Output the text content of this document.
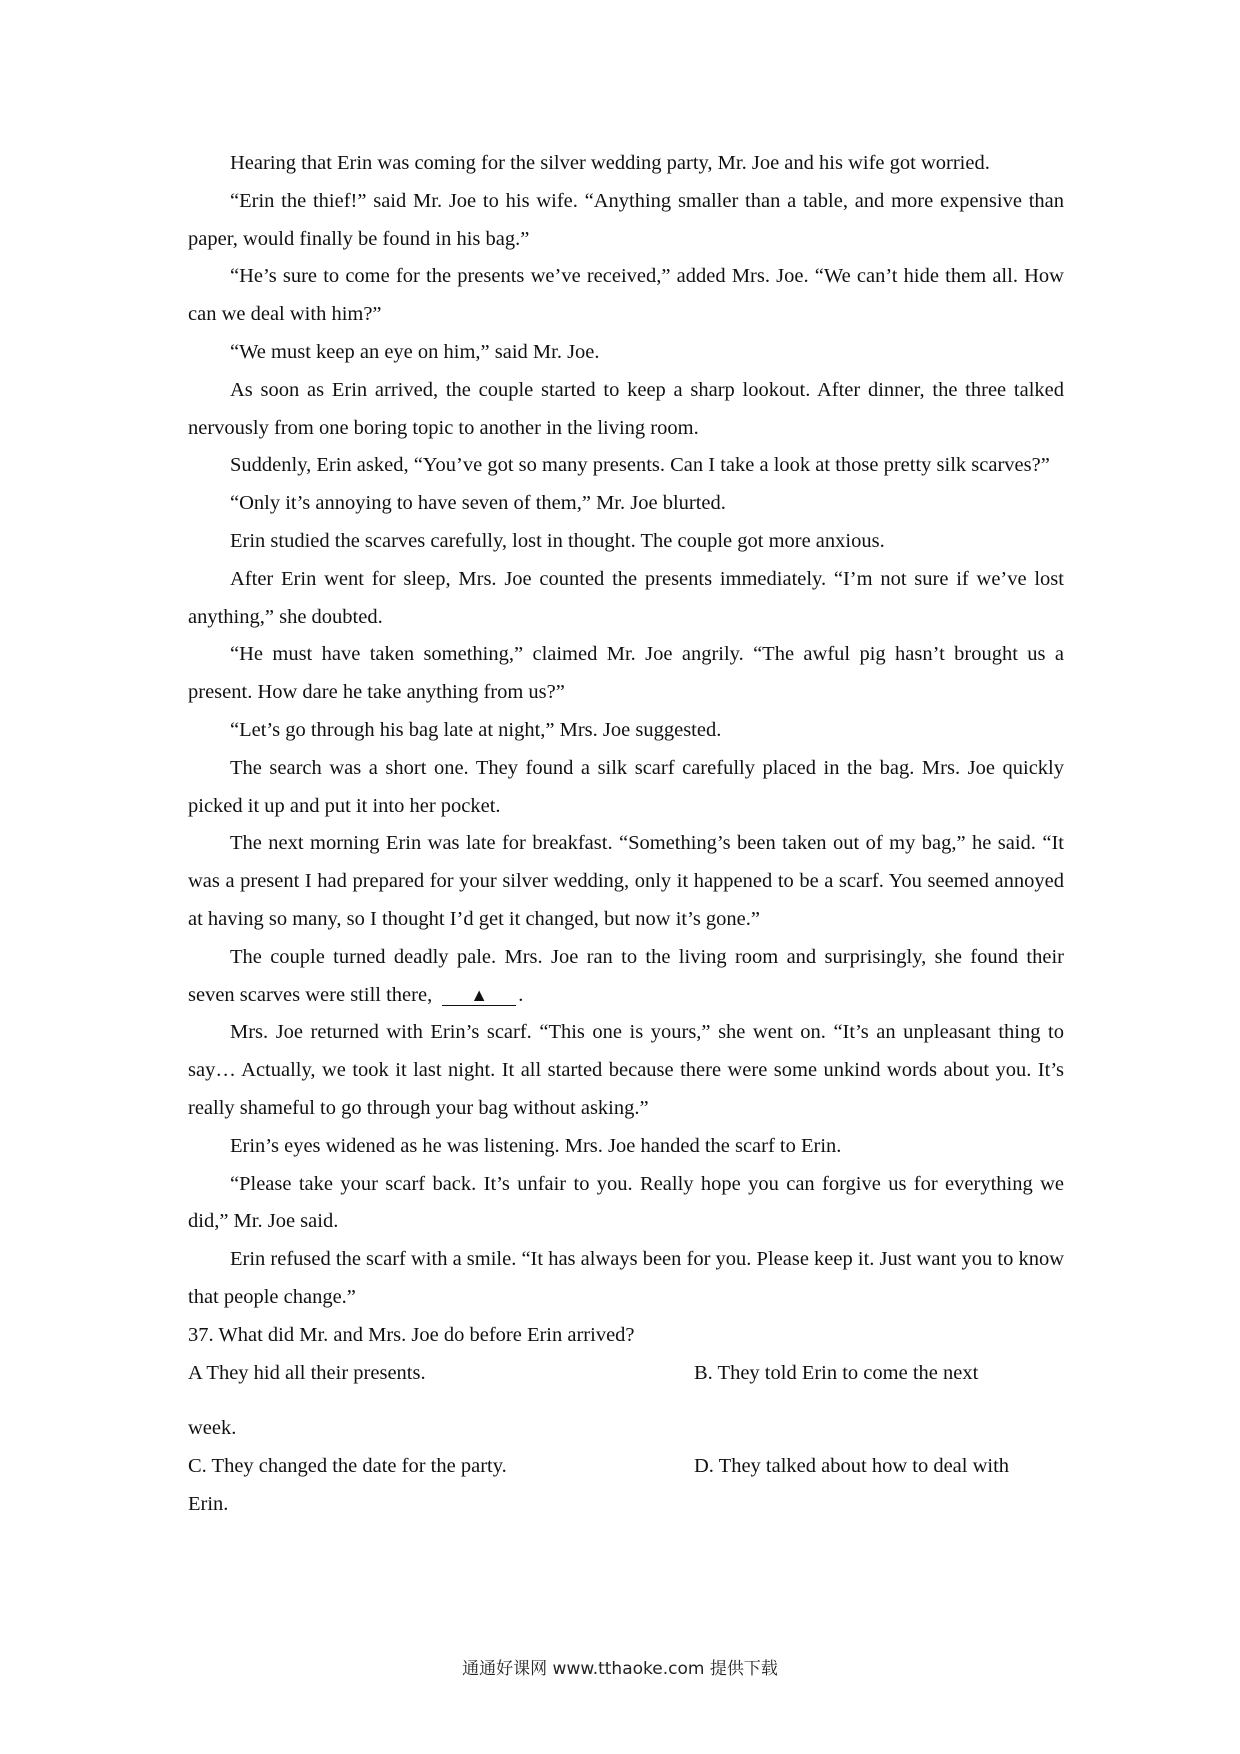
Hearing that Erin was coming for the silver wedding party, Mr. Joe and his wife got worried.

“Erin the thief!” said Mr. Joe to his wife. “Anything smaller than a table, and more expensive than paper, would finally be found in his bag.”

“He’s sure to come for the presents we’ve received,” added Mrs. Joe. “We can’t hide them all. How can we deal with him?”

“We must keep an eye on him,” said Mr. Joe.

As soon as Erin arrived, the couple started to keep a sharp lookout. After dinner, the three talked nervously from one boring topic to another in the living room.

Suddenly, Erin asked, “You’ve got so many presents. Can I take a look at those pretty silk scarves?”

“Only it’s annoying to have seven of them,” Mr. Joe blurted.

Erin studied the scarves carefully, lost in thought. The couple got more anxious.

After Erin went for sleep, Mrs. Joe counted the presents immediately. “I’m not sure if we’ve lost anything,” she doubted.

“He must have taken something,” claimed Mr. Joe angrily. “The awful pig hasn’t brought us a present. How dare he take anything from us?”

“Let’s go through his bag late at night,” Mrs. Joe suggested.

The search was a short one. They found a silk scarf carefully placed in the bag. Mrs. Joe quickly picked it up and put it into her pocket.

The next morning Erin was late for breakfast. “Something’s been taken out of my bag,” he said. “It was a present I had prepared for your silver wedding, only it happened to be a scarf. You seemed annoyed at having so many, so I thought I’d get it changed, but now it’s gone.”

The couple turned deadly pale. Mrs. Joe ran to the living room and surprisingly, she found their seven scarves were still there, ▲ .

Mrs. Joe returned with Erin’s scarf. “This one is yours,” she went on. “It’s an unpleasant thing to say… Actually, we took it last night. It all started because there were some unkind words about you. It’s really shameful to go through your bag without asking.”

Erin’s eyes widened as he was listening. Mrs. Joe handed the scarf to Erin.

“Please take your scarf back. It’s unfair to you. Really hope you can forgive us for everything we did,” Mr. Joe said.

Erin refused the scarf with a smile. “It has always been for you. Please keep it. Just want you to know that people change.”

37. What did Mr. and Mrs. Joe do before Erin arrived?

A They hid all their presents.	B. They told Erin to come the next

week.

C. They changed the date for the party.	D. They talked about how to deal with

Erin.

通通好课网 www.tthaoke.com 提供下载
